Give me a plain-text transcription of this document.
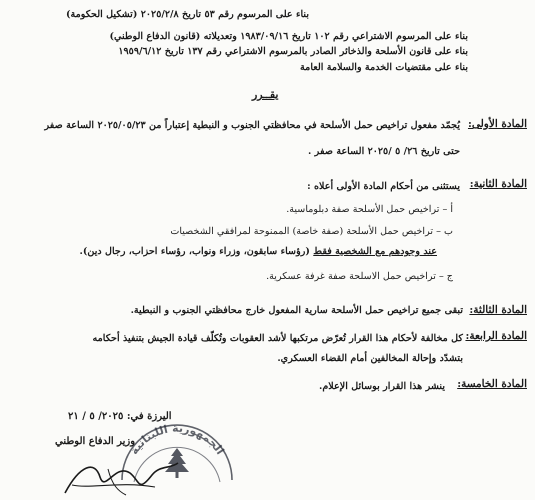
بناء على المرسوم رقم ٥٣ تاريخ ٢٠٢٥/٢/٨ (تشكيل الحكومة)
بناء على المرسوم الاشتراعي رقم ١٠٢ تاريخ ١٩٨٣/٠٩/١٦ وتعديلاته (قانون الدفاع الوطني)
بناء على قانون الأسلحة والذخائر الصادر بالمرسوم الاشتراعي رقم ١٣٧ تاريخ ١٩٥٩/٦/١٢
بناء على مقتضيات الخدمة والسلامة العامة
يقــرر
المادة الأولى:
يُجمّد مفعول تراخيص حمل الأسلحة في محافظتي الجنوب و النبطية إعتباراً من ٢٠٢٥/٠٥/٢٣ الساعة صفر
حتى تاريخ ٢٦/ ٥ /٢٠٢٥ الساعة صفر .
المادة الثانية:
يستثنى من أحكام المادة الأولى أعلاه :
أ – تراخيص حمل الأسلحة صفة دبلوماسية.
ب – تراخيص حمل الأسلحة (صفة خاصة) الممنوحة لمرافقي الشخصيات
عند وجودهم مع الشخصية فقط (رؤساء سابقون، وزراء ونواب، رؤساء احزاب، رجال دين).
ج – تراخيص حمل الاسلحة صفة غرفة عسكرية.
المادة الثالثة:
تبقى جميع تراخيص حمل الأسلحة سارية المفعول خارج محافظتي الجنوب و النبطية.
المادة الرابعة:
كل مخالفة لأحكام هذا القرار تُعرّض مرتكبها لأشد العقوبات وتُكلّف قيادة الجيش بتنفيذ أحكامه
بتشدّد وإحالة المخالفين أمام القضاء العسكري.
المادة الخامسة:
ينشر هذا القرار بوسائل الإعلام.
اليرزة في: ٢٠٢٥/ ٥ / ٢١
وزير الدفاع الوطني
الجمهورية اللبنانية
